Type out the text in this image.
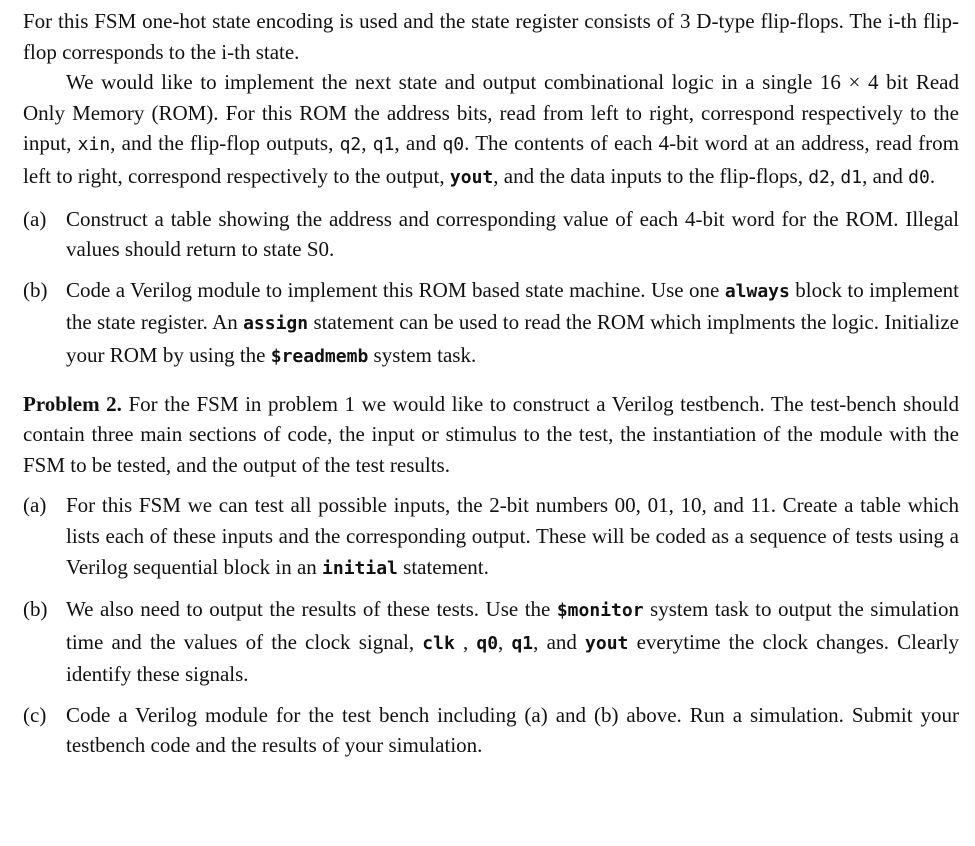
For this FSM one-hot state encoding is used and the state register consists of 3 D-type flip-flops. The i-th flip-flop corresponds to the i-th state.

We would like to implement the next state and output combinational logic in a single 16 × 4 bit Read Only Memory (ROM). For this ROM the address bits, read from left to right, correspond respectively to the input, xin, and the flip-flop outputs, q2, q1, and q0. The contents of each 4-bit word at an address, read from left to right, correspond respectively to the output, yout, and the data inputs to the flip-flops, d2, d1, and d0.

(a) Construct a table showing the address and corresponding value of each 4-bit word for the ROM. Illegal values should return to state S0.
(b) Code a Verilog module to implement this ROM based state machine. Use one always block to implement the state register. An assign statement can be used to read the ROM which implments the logic. Initialize your ROM by using the $readmemb system task.

Problem 2. For the FSM in problem 1 we would like to construct a Verilog testbench. The test-bench should contain three main sections of code, the input or stimulus to the test, the instantiation of the module with the FSM to be tested, and the output of the test results.

(a) For this FSM we can test all possible inputs, the 2-bit numbers 00, 01, 10, and 11. Create a table which lists each of these inputs and the corresponding output. These will be coded as a sequence of tests using a Verilog sequential block in an initial statement.
(b) We also need to output the results of these tests. Use the $monitor system task to output the simulation time and the values of the clock signal, clk , q0, q1, and yout everytime the clock changes. Clearly identify these signals.
(c) Code a Verilog module for the test bench including (a) and (b) above. Run a simulation. Submit your testbench code and the results of your simulation.
